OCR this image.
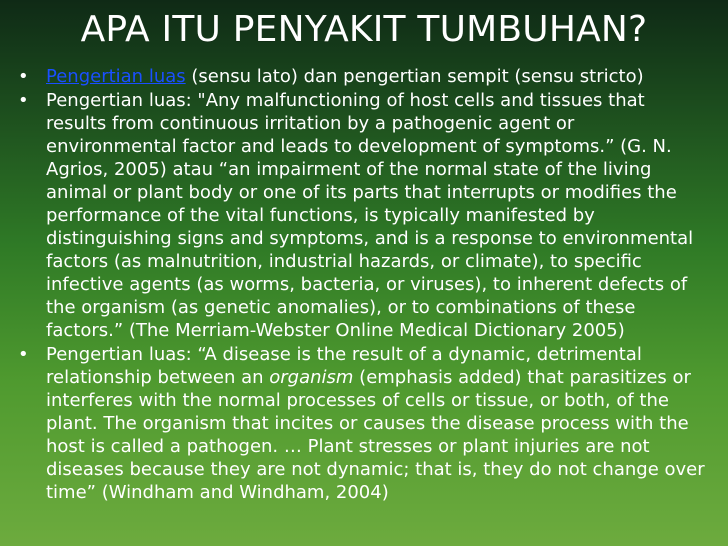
APA ITU PENYAKIT TUMBUHAN?
• Pengertian luas (sensu lato) dan pengertian sempit (sensu stricto)
• Pengertian luas: "Any malfunctioning of host cells and tissues that results from continuous irritation by a pathogenic agent or environmental factor and leads to development of symptoms.” (G. N. Agrios, 2005) atau “an impairment of the normal state of the living animal or plant body or one of its parts that interrupts or modifies the performance of the vital functions, is typically manifested by distinguishing signs and symptoms, and is a response to environmental factors (as malnutrition, industrial hazards, or climate), to specific infective agents (as worms, bacteria, or viruses), to inherent defects of the organism (as genetic anomalies), or to combinations of these factors.” (The Merriam-Webster Online Medical Dictionary 2005)
• Pengertian luas: “A disease is the result of a dynamic, detrimental relationship between an organism (emphasis added) that parasitizes or interferes with the normal processes of cells or tissue, or both, of the plant. The organism that incites or causes the disease process with the host is called a pathogen. … Plant stresses or plant injuries are not diseases because they are not dynamic; that is, they do not change over time” (Windham and Windham, 2004)
